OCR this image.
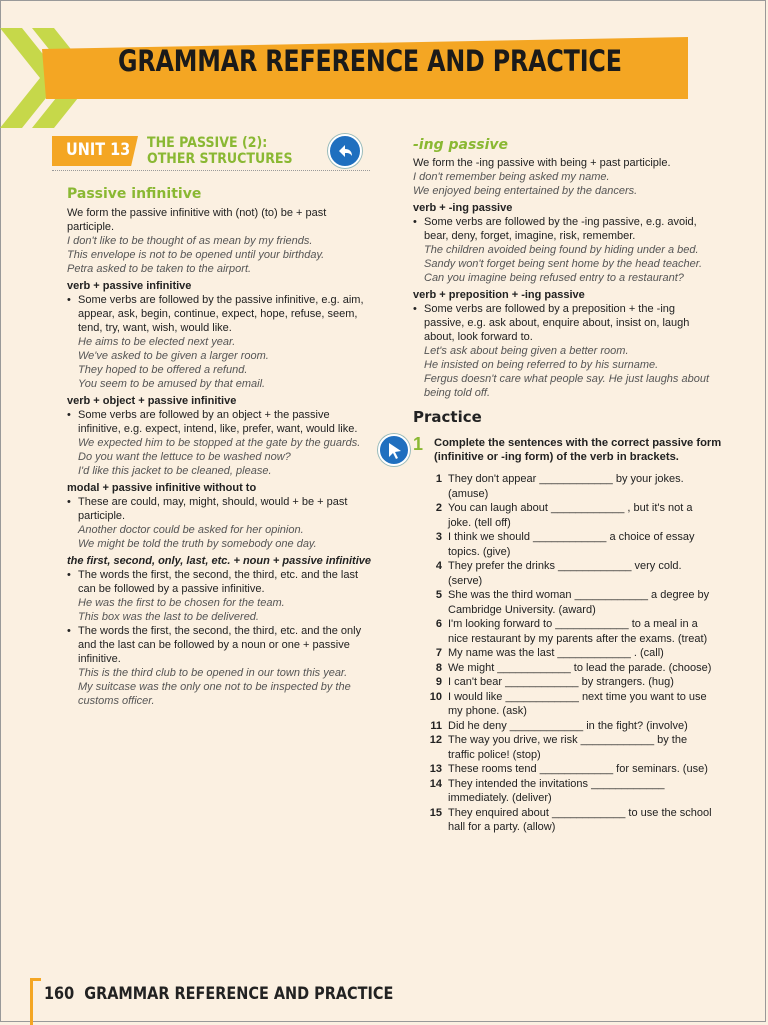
GRAMMAR REFERENCE AND PRACTICE
UNIT 13 THE PASSIVE (2): OTHER STRUCTURES

Passive infinitive

We form the passive infinitive with (not) (to) be + past participle.

I don't like to be thought of as mean by my friends.

This envelope is not to be opened until your birthday.

Petra asked to be taken to the airport.

verb + passive infinitive

• Some verbs are followed by the passive infinitive, e.g. aim, appear, ask, begin, continue, expect, hope, refuse, seem, tend, try, want, wish, would like.

He aims to be elected next year.

We've asked to be given a larger room.

They hoped to be offered a refund.

You seem to be amused by that email.

verb + object + passive infinitive

• Some verbs are followed by an object + the passive infinitive, e.g. expect, intend, like, prefer, want, would like.

We expected him to be stopped at the gate by the guards.

Do you want the lettuce to be washed now?

I'd like this jacket to be cleaned, please.

modal + passive infinitive without to

• These are could, may, might, should, would + be + past participle.

Another doctor could be asked for her opinion.

We might be told the truth by somebody one day.

the first, second, only, last, etc. + noun + passive infinitive

• The words the first, the second, the third, etc. and the last can be followed by a passive infinitive.

He was the first to be chosen for the team.

This box was the last to be delivered.

• The words the first, the second, the third, etc. and the only and the last can be followed by a noun or one + passive infinitive.

This is the third club to be opened in our town this year.

My suitcase was the only one not to be inspected by the customs officer.

-ing passive

We form the -ing passive with being + past participle.

I don't remember being asked my name.

We enjoyed being entertained by the dancers.

verb + -ing passive

• Some verbs are followed by the -ing passive, e.g. avoid, bear, deny, forget, imagine, risk, remember.

The children avoided being found by hiding under a bed.

Sandy won't forget being sent home by the head teacher.

Can you imagine being refused entry to a restaurant?

verb + preposition + -ing passive

• Some verbs are followed by a preposition + the -ing passive, e.g. ask about, enquire about, insist on, laugh about, look forward to.

Let's ask about being given a better room.

He insisted on being referred to by his surname.

Fergus doesn't care what people say. He just laughs about being told off.

Practice

1 Complete the sentences with the correct passive form (infinitive or -ing form) of the verb in brackets.
1 They don't appear ____________ by your jokes. (amuse)
2 You can laugh about ____________ , but it's not a joke. (tell off)
3 I think we should ____________ a choice of essay topics. (give)
4 They prefer the drinks ____________ very cold. (serve)
5 She was the third woman ____________ a degree by Cambridge University. (award)
6 I'm looking forward to ____________ to a meal in a nice restaurant by my parents after the exams. (treat)
7 My name was the last ____________ . (call)
8 We might ____________ to lead the parade. (choose)
9 I can't bear ____________ by strangers. (hug)
10 I would like ____________ next time you want to use my phone. (ask)
11 Did he deny ____________ in the fight? (involve)
12 The way you drive, we risk ____________ by the traffic police! (stop)
13 These rooms tend ____________ for seminars. (use)
14 They intended the invitations ____________ immediately. (deliver)
15 They enquired about ____________ to use the school hall for a party. (allow)
160 GRAMMAR REFERENCE AND PRACTICE
